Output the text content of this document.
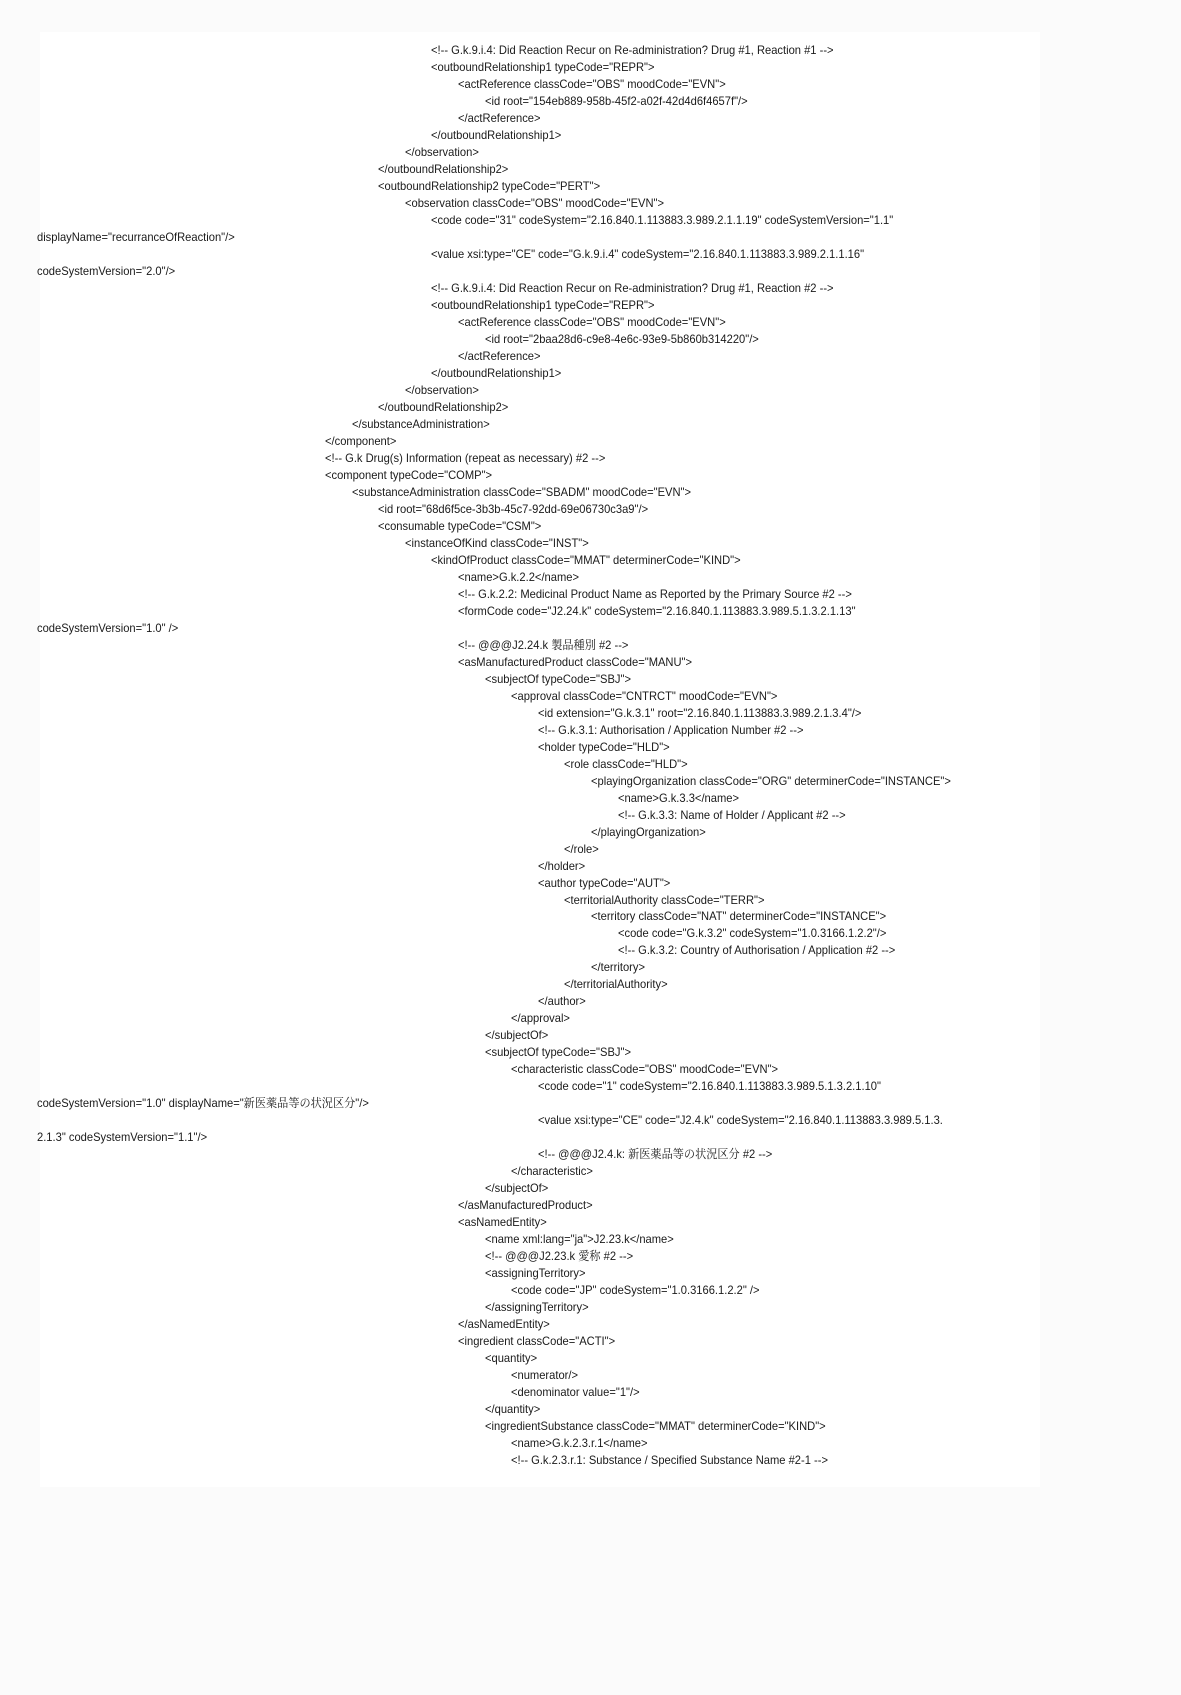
<!-- G.k.9.i.4: Did Reaction Recur on Re-administration? Drug #1, Reaction #1 -->
<outboundRelationship1 typeCode="REPR">
<actReference classCode="OBS" moodCode="EVN">
<id root="154eb889-958b-45f2-a02f-42d4d6f4657f"/>
</actReference>
</outboundRelationship1>
</observation>
</outboundRelationship2>
<outboundRelationship2 typeCode="PERT">
<observation classCode="OBS" moodCode="EVN">
<code code="31" codeSystem="2.16.840.1.113883.3.989.2.1.1.19" codeSystemVersion="1.1"
displayName="recurranceOfReaction"/>
<value xsi:type="CE" code="G.k.9.i.4" codeSystem="2.16.840.1.113883.3.989.2.1.1.16"
codeSystemVersion="2.0"/>
<!-- G.k.9.i.4: Did Reaction Recur on Re-administration? Drug #1, Reaction #2 -->
<outboundRelationship1 typeCode="REPR">
<actReference classCode="OBS" moodCode="EVN">
<id root="2baa28d6-c9e8-4e6c-93e9-5b860b314220"/>
</actReference>
</outboundRelationship1>
</observation>
</outboundRelationship2>
</substanceAdministration>
</component>
<!-- G.k Drug(s) Information (repeat as necessary) #2 -->
<component typeCode="COMP">
<substanceAdministration classCode="SBADM" moodCode="EVN">
<id root="68d6f5ce-3b3b-45c7-92dd-69e06730c3a9"/>
<consumable typeCode="CSM">
<instanceOfKind classCode="INST">
<kindOfProduct classCode="MMAT" determinerCode="KIND">
<name>G.k.2.2</name>
<!-- G.k.2.2: Medicinal Product Name as Reported by the Primary Source #2 -->
<formCode code="J2.24.k" codeSystem="2.16.840.1.113883.3.989.5.1.3.2.1.13"
codeSystemVersion="1.0" />
<!-- @@@J2.24.k 製品種別 #2 -->
<asManufacturedProduct classCode="MANU">
<subjectOf typeCode="SBJ">
<approval classCode="CNTRCT" moodCode="EVN">
<id extension="G.k.3.1" root="2.16.840.1.113883.3.989.2.1.3.4"/>
<!-- G.k.3.1: Authorisation / Application Number #2 -->
<holder typeCode="HLD">
<role classCode="HLD">
<playingOrganization classCode="ORG" determinerCode="INSTANCE">
<name>G.k.3.3</name>
<!-- G.k.3.3: Name of Holder / Applicant #2 -->
</playingOrganization>
</role>
</holder>
<author typeCode="AUT">
<territorialAuthority classCode="TERR">
<territory classCode="NAT" determinerCode="INSTANCE">
<code code="G.k.3.2" codeSystem="1.0.3166.1.2.2"/>
<!-- G.k.3.2: Country of Authorisation / Application #2 -->
</territory>
</territorialAuthority>
</author>
</approval>
</subjectOf>
<subjectOf typeCode="SBJ">
<characteristic classCode="OBS" moodCode="EVN">
<code code="1" codeSystem="2.16.840.1.113883.3.989.5.1.3.2.1.10"
codeSystemVersion="1.0" displayName="新医薬品等の状況区分"/>
<value xsi:type="CE" code="J2.4.k" codeSystem="2.16.840.1.113883.3.989.5.1.3.
2.1.3" codeSystemVersion="1.1"/>
<!-- @@@J2.4.k: 新医薬品等の状況区分 #2 -->
</characteristic>
</subjectOf>
</asManufacturedProduct>
<asNamedEntity>
<name xml:lang="ja">J2.23.k</name>
<!-- @@@J2.23.k 愛称 #2 -->
<assigningTerritory>
<code code="JP" codeSystem="1.0.3166.1.2.2" />
</assigningTerritory>
</asNamedEntity>
<ingredient classCode="ACTI">
<quantity>
<numerator/>
<denominator value="1"/>
</quantity>
<ingredientSubstance classCode="MMAT" determinerCode="KIND">
<name>G.k.2.3.r.1</name>
<!-- G.k.2.3.r.1: Substance / Specified Substance Name #2-1 -->
